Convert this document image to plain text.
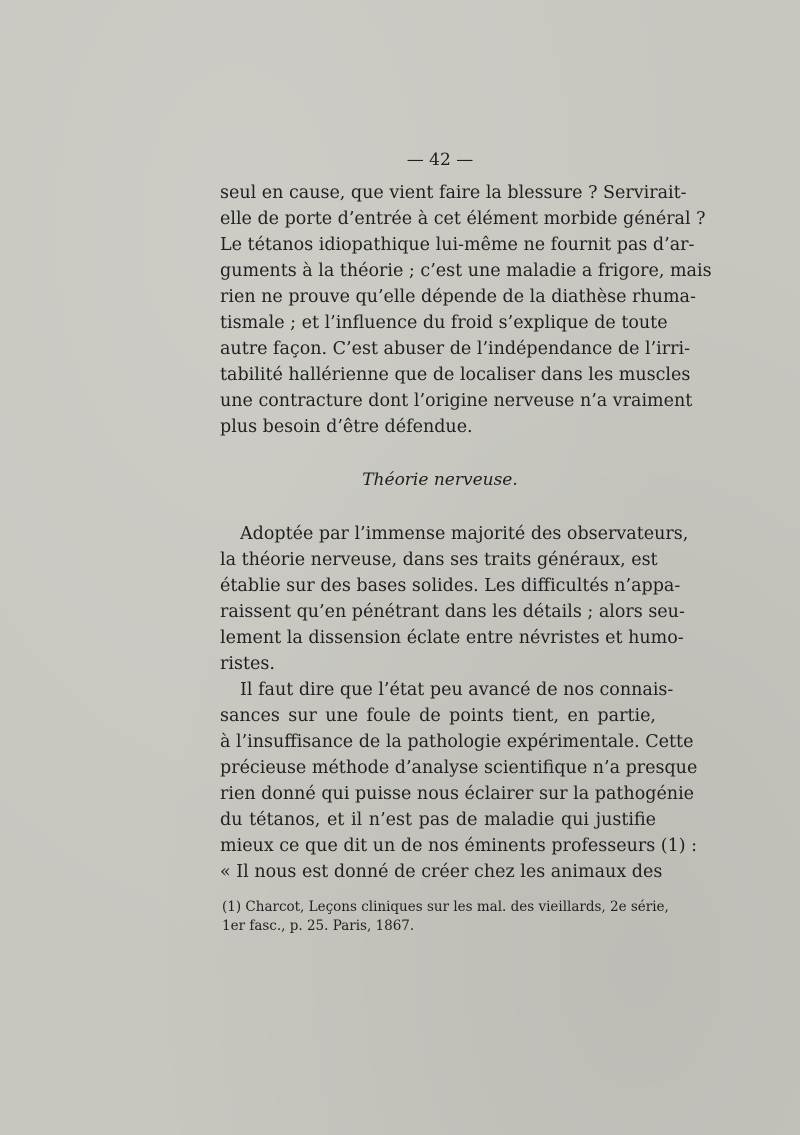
— 42 —
seul en cause, que vient faire la blessure ? Servirait-
elle de porte d’entrée à cet élément morbide général ?
Le tétanos idiopathique lui-même ne fournit pas d’ar-
guments à la théorie ; c’est une maladie a frigore, mais
rien ne prouve qu’elle dépende de la diathèse rhuma-
tismale ; et l’influence du froid s’explique de toute
autre façon. C’est abuser de l’indépendance de l’irri-
tabilité hallérienne que de localiser dans les muscles
une contracture dont l’origine nerveuse n’a vraiment
plus besoin d’être défendue.
Théorie nerveuse.
Adoptée par l’immense majorité des observateurs,
la théorie nerveuse, dans ses traits généraux, est
établie sur des bases solides. Les difficultés n’appa-
raissent qu’en pénétrant dans les détails ; alors seu-
lement la dissension éclate entre névristes et humo-
ristes.
Il faut dire que l’état peu avancé de nos connais-
sances sur une foule de points tient, en partie,
à l’insuffisance de la pathologie expérimentale. Cette
précieuse méthode d’analyse scientifique n’a presque
rien donné qui puisse nous éclairer sur la pathogénie
du tétanos, et il n’est pas de maladie qui justifie
mieux ce que dit un de nos éminents professeurs (1) :
« Il nous est donné de créer chez les animaux des
(1) Charcot, Leçons cliniques sur les mal. des vieillards, 2e série,
1er fasc., p. 25. Paris, 1867.
